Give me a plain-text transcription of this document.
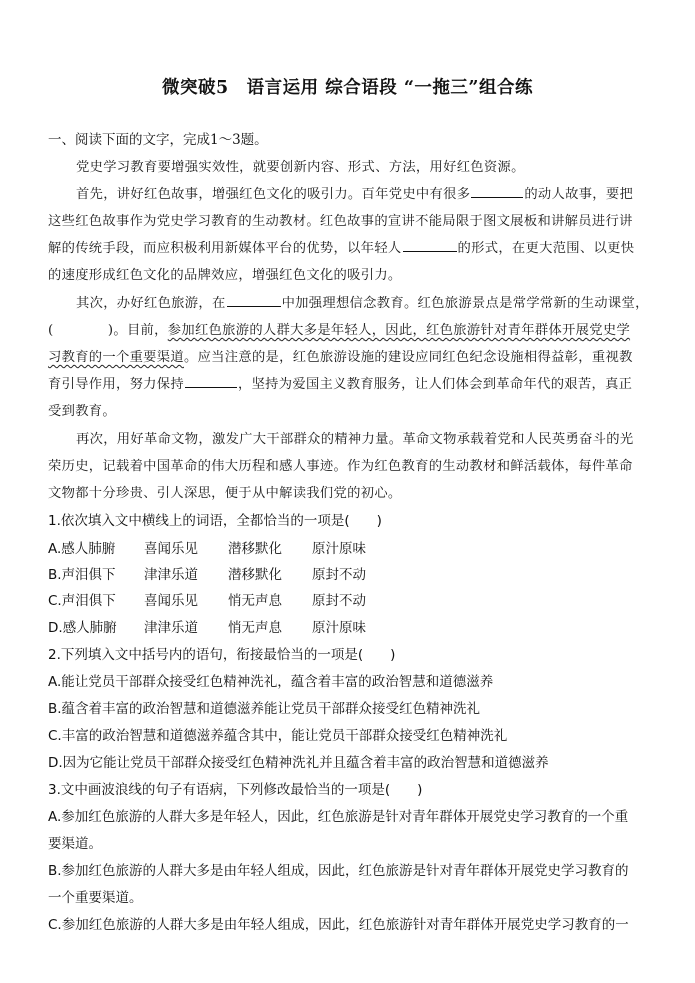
微突破5　语言运用 综合语段 “一拖三”组合练
一、阅读下面的文字，完成1～3题。
党史学习教育要增强实效性，就要创新内容、形式、方法，用好红色资源。
首先，讲好红色故事，增强红色文化的吸引力。百年党史中有很多	的动人故事，要把
这些红色故事作为党史学习教育的生动教材。红色故事的宣讲不能局限于图文展板和讲解员进行讲
解的传统手段，而应积极利用新媒体平台的优势，以年轻人	的形式，在更大范围、以更快
的速度形成红色文化的品牌效应，增强红色文化的吸引力。
其次，办好红色旅游，在	中加强理想信念教育。红色旅游景点是常学常新的生动课堂，
(　　　　)。目前，参加红色旅游的人群大多是年轻人，因此，红色旅游针对青年群体开展党史学
习教育的一个重要渠道。应当注意的是，红色旅游设施的建设应同红色纪念设施相得益彰，重视教
育引导作用，努力保持	，坚持为爱国主义教育服务，让人们体会到革命年代的艰苦，真正
受到教育。
再次，用好革命文物，激发广大干部群众的精神力量。革命文物承载着党和人民英勇奋斗的光
荣历史，记载着中国革命的伟大历程和感人事迹。作为红色教育的生动教材和鲜活载体，每件革命
文物都十分珍贵、引人深思，便于从中解读我们党的初心。
1.依次填入文中横线上的词语，全都恰当的一项是(　　)
A.感人肺腑 喜闻乐见 潜移默化 原汁原味
B.声泪俱下 津津乐道 潜移默化 原封不动
C.声泪俱下 喜闻乐见 悄无声息 原封不动
D.感人肺腑 津津乐道 悄无声息 原汁原味
2.下列填入文中括号内的语句，衔接最恰当的一项是(　　)
A.能让党员干部群众接受红色精神洗礼，蕴含着丰富的政治智慧和道德滋养
B.蕴含着丰富的政治智慧和道德滋养能让党员干部群众接受红色精神洗礼
C.丰富的政治智慧和道德滋养蕴含其中，能让党员干部群众接受红色精神洗礼
D.因为它能让党员干部群众接受红色精神洗礼并且蕴含着丰富的政治智慧和道德滋养
3.文中画波浪线的句子有语病，下列修改最恰当的一项是(　　)
A.参加红色旅游的人群大多是年轻人，因此，红色旅游是针对青年群体开展党史学习教育的一个重
要渠道。
B.参加红色旅游的人群大多是由年轻人组成，因此，红色旅游是针对青年群体开展党史学习教育的
一个重要渠道。
C.参加红色旅游的人群大多是由年轻人组成，因此，红色旅游针对青年群体开展党史学习教育的一
